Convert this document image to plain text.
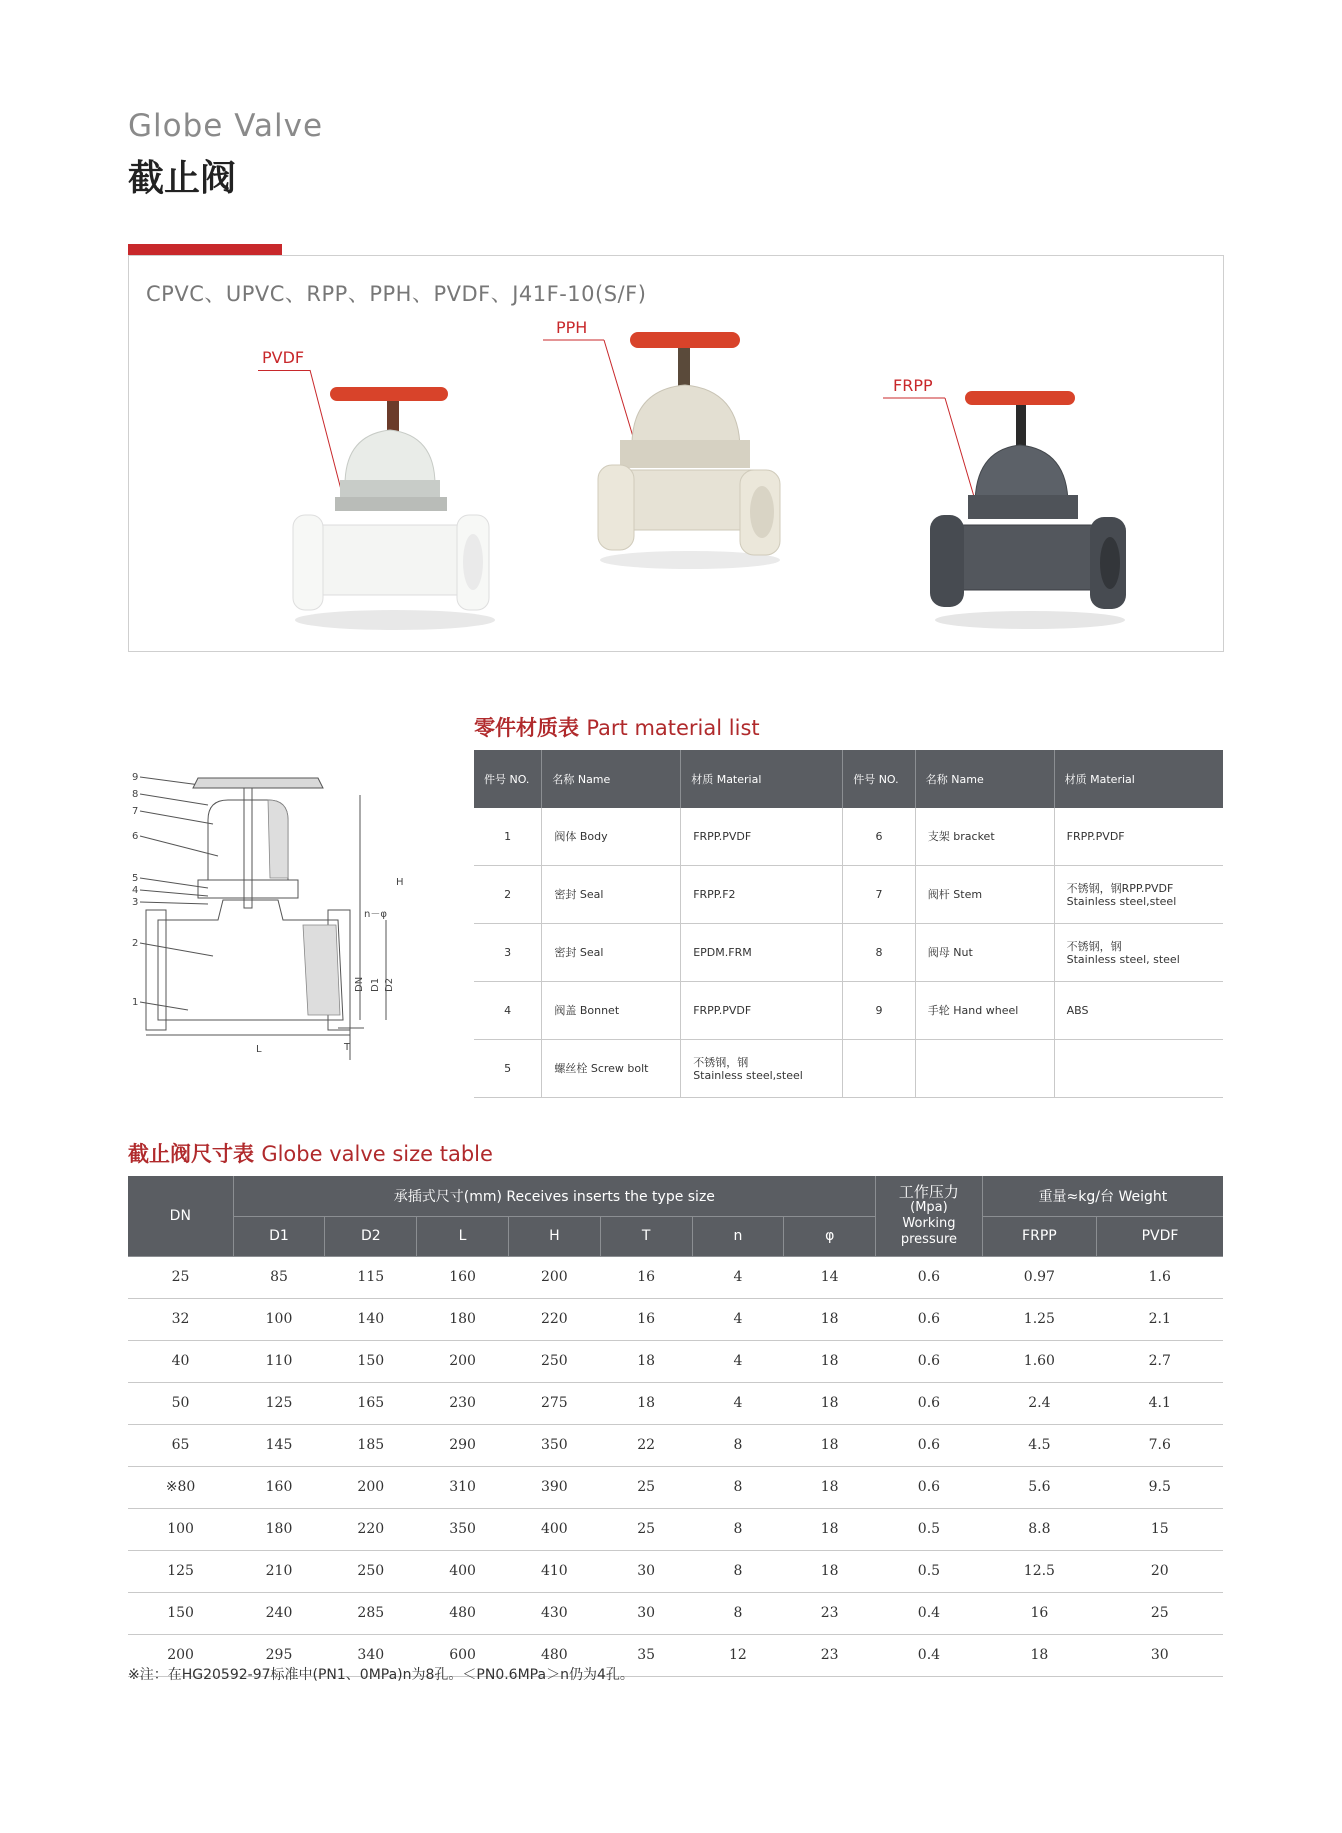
Globe Valve
截止阀
CPVC、UPVC、RPP、PPH、PVDF、J41F-10(S/F)
PVDF
PPH
FRPP
零件材质表 Part material list
9
8
7
6
5
4
3
2
1
H
n－φ
DN D1 D2
L	T
件号 NO.	名称 Name	材质 Material	件号 NO.	名称 Name	材质 Material
1	阀体 Body	FRPP.PVDF	6	支架 bracket	FRPP.PVDF
2	密封 Seal	FRPP.F2	7	阀杆 Stem	不锈钢，钢RPP.PVDF
Stainless steel,steel
3	密封 Seal	EPDM.FRM	8	阀母 Nut	不锈钢，钢
Stainless steel, steel
4	阀盖 Bonnet	FRPP.PVDF	9	手轮 Hand wheel	ABS
5	螺丝栓 Screw bolt	不锈钢，钢
Stainless steel,steel			
截止阀尺寸表 Globe valve size table
DN	承插式尺寸(mm) Receives inserts the type size							工作压力
(Mpa)
Working
pressure	重量≈kg/台 Weight	
	D1	D2	L	H	T	n	φ		FRPP	PVDF
25	85	115	160	200	16	4	14	0.6	0.97	1.6
32	100	140	180	220	16	4	18	0.6	1.25	2.1
40	110	150	200	250	18	4	18	0.6	1.60	2.7
50	125	165	230	275	18	4	18	0.6	2.4	4.1
65	145	185	290	350	22	8	18	0.6	4.5	7.6
※80	160	200	310	390	25	8	18	0.6	5.6	9.5
100	180	220	350	400	25	8	18	0.5	8.8	15
125	210	250	400	410	30	8	18	0.5	12.5	20
150	240	285	480	430	30	8	23	0.4	16	25
200	295	340	600	480	35	12	23	0.4	18	30
※注：在HG20592-97标准中(PN1、0MPa)n为8孔。＜PN0.6MPa＞n仍为4孔。
